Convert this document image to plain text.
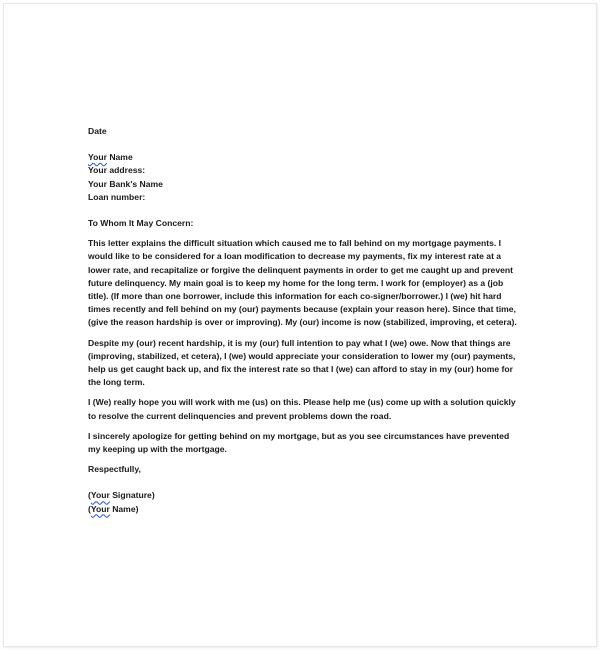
Date
Your Name
Your address:
Your Bank's Name
Loan number:
To Whom It May Concern:
This letter explains the difficult situation which caused me to fall behind on my mortgage payments. I would like to be considered for a loan modification to decrease my payments, fix my interest rate at a lower rate, and recapitalize or forgive the delinquent payments in order to get me caught up and prevent future delinquency. My main goal is to keep my home for the long term. I work for (employer) as a (job title). (If more than one borrower, include this information for each co-signer/borrower.) I (we) hit hard times recently and fell behind on my (our) payments because (explain your reason here). Since that time, (give the reason hardship is over or improving). My (our) income is now (stabilized, improving, et cetera).
Despite my (our) recent hardship, it is my (our) full intention to pay what I (we) owe. Now that things are (improving, stabilized, et cetera), I (we) would appreciate your consideration to lower my (our) payments, help us get caught back up, and fix the interest rate so that I (we) can afford to stay in my (our) home for the long term.
I (We) really hope you will work with me (us) on this. Please help me (us) come up with a solution quickly to resolve the current delinquencies and prevent problems down the road.
I sincerely apologize for getting behind on my mortgage, but as you see circumstances have prevented my keeping up with the mortgage.
Respectfully,
(Your Signature)
(Your Name)
